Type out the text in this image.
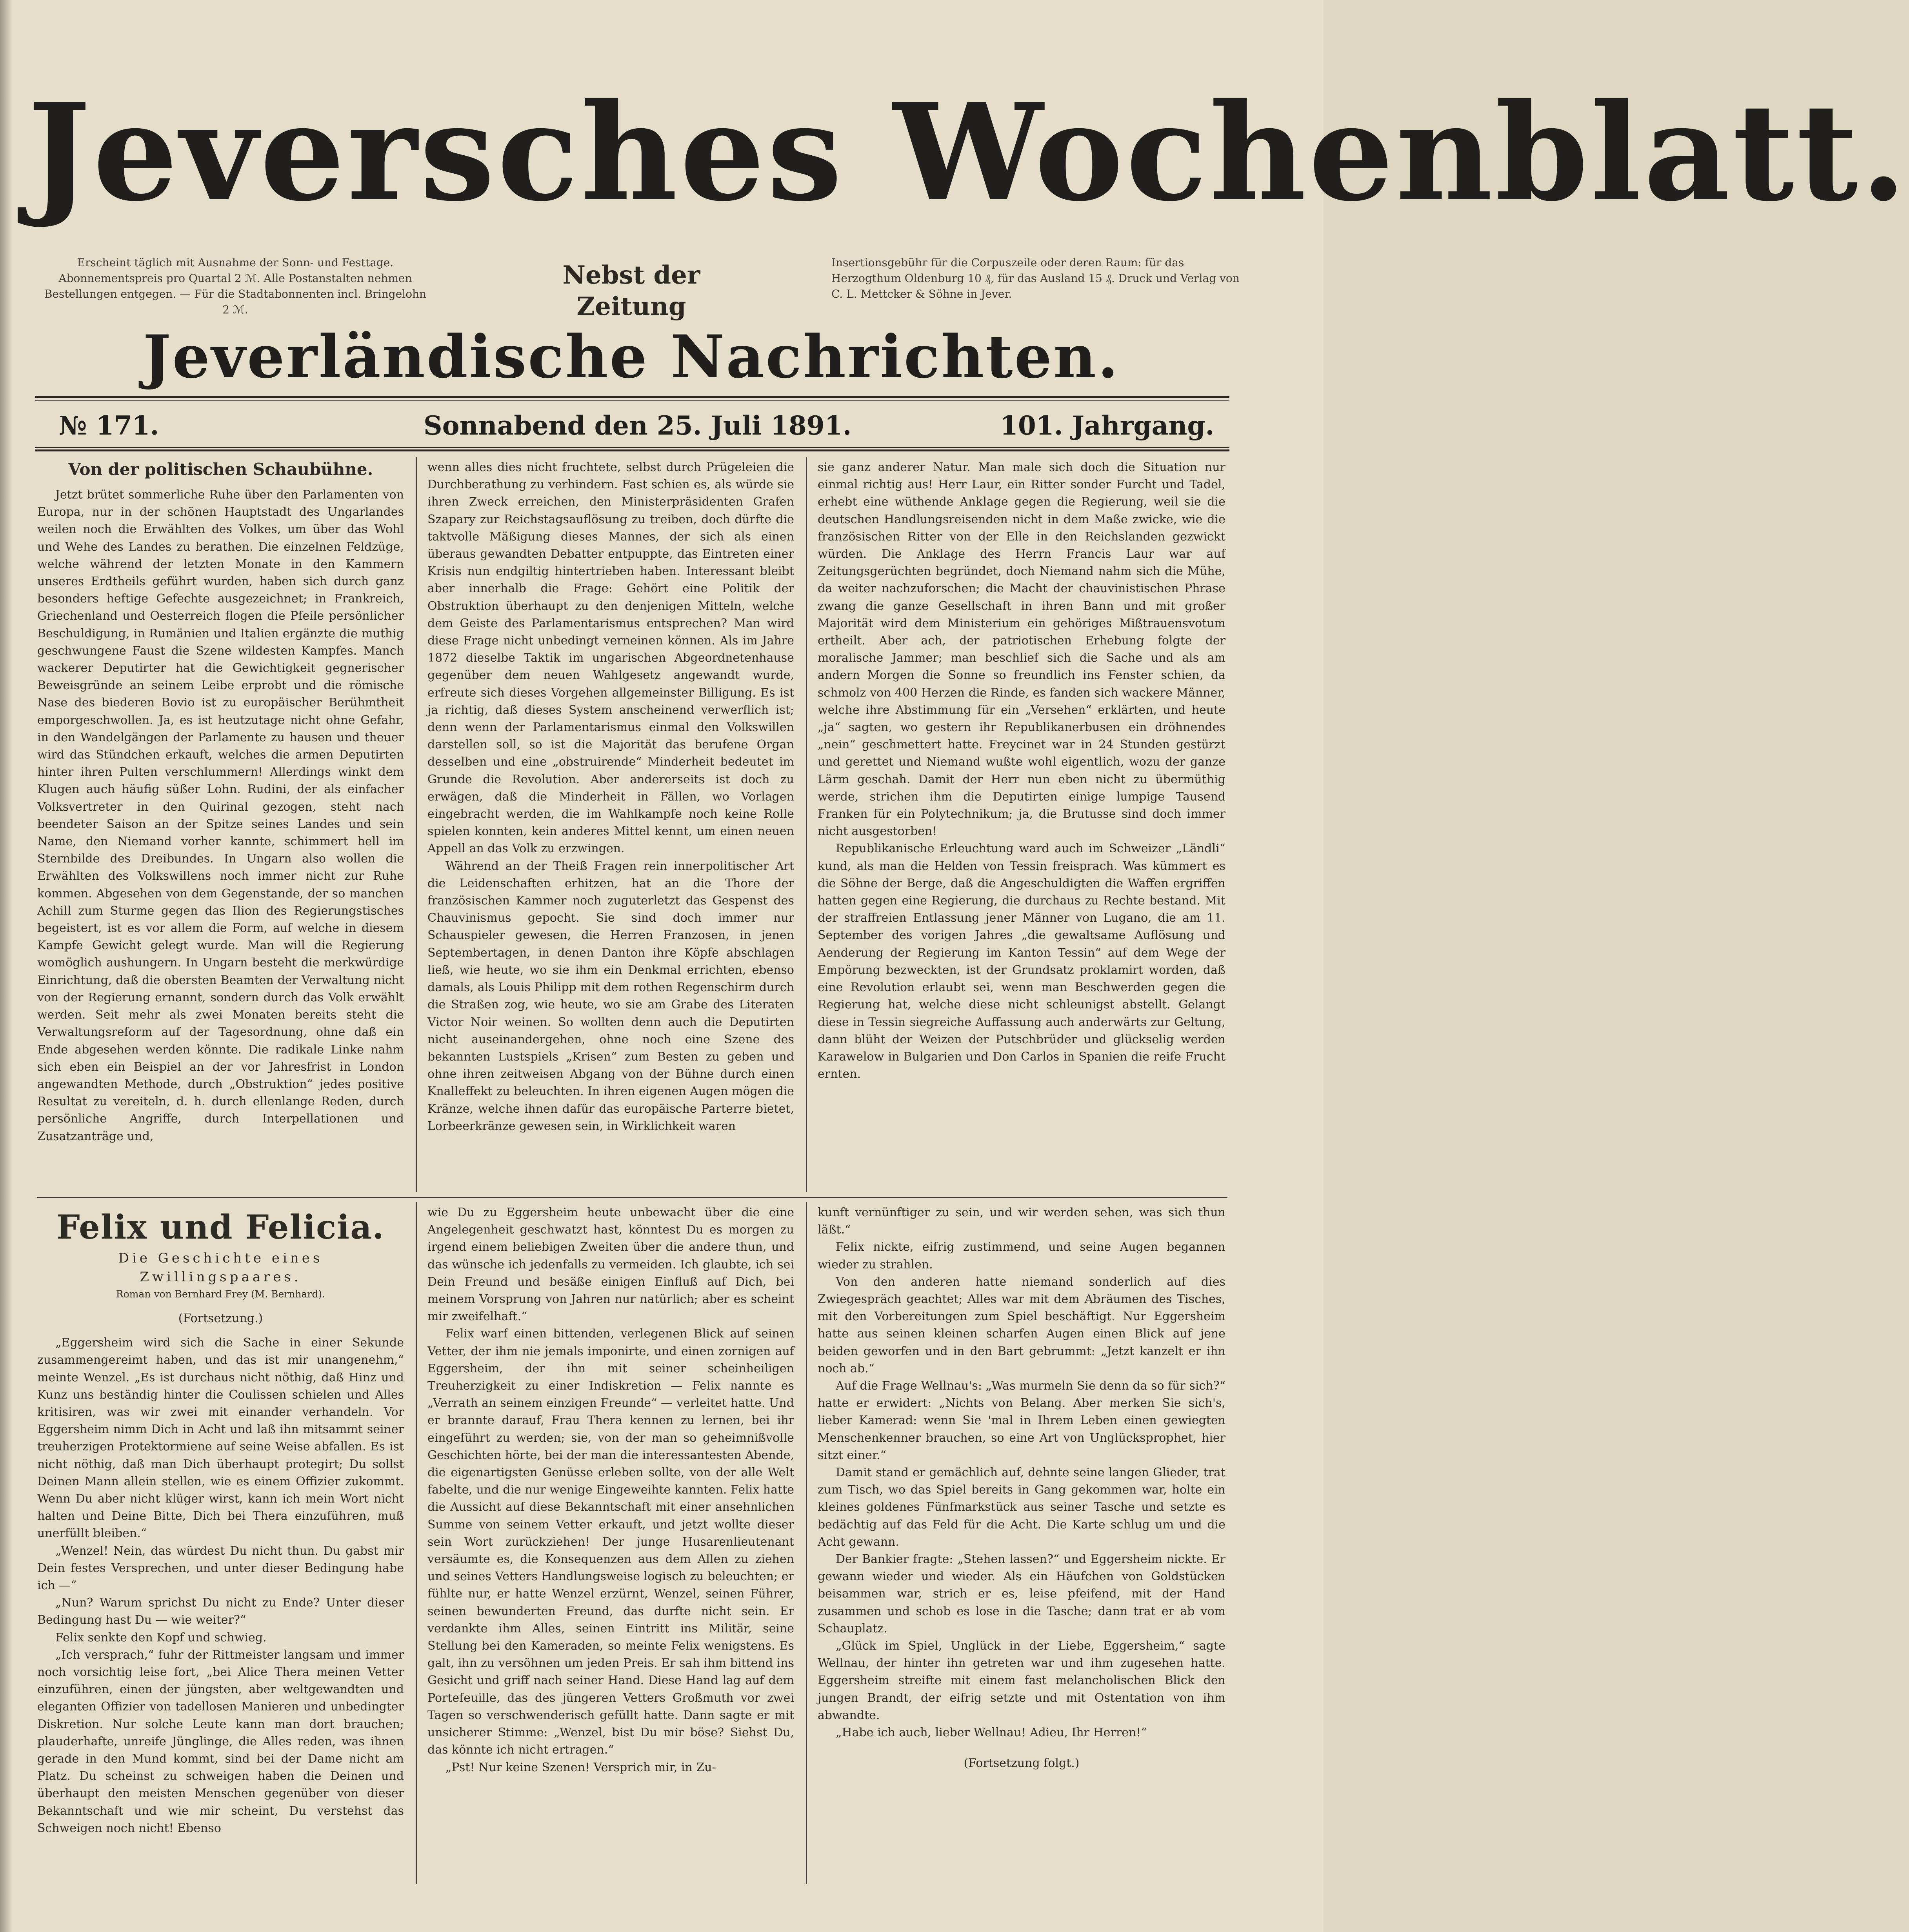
Jeversches Wochenblatt.
Erscheint täglich mit Ausnahme der Sonn- und Festtage. Abonnementspreis pro Quartal 2 ℳ. Alle Postanstalten nehmen Bestellungen entgegen. — Für die Stadtabonnenten incl. Bringelohn 2 ℳ.
Nebst der Zeitung
Insertionsgebühr für die Corpuszeile oder deren Raum: für das Herzogthum Oldenburg 10 ₰, für das Ausland 15 ₰. Druck und Verlag von C. L. Mettcker & Söhne in Jever.
Jeverländische Nachrichten.
№ 171.	Sonnabend den 25. Juli 1891.	101. Jahrgang.
Von der politischen Schaubühne.

Jetzt brütet sommerliche Ruhe über den Parlamenten von Europa, nur in der schönen Hauptstadt des Ungarlandes weilen noch die Erwählten des Volkes, um über das Wohl und Wehe des Landes zu berathen. Die einzelnen Feldzüge, welche während der letzten Monate in den Kammern unseres Erdtheils geführt wurden, haben sich durch ganz besonders heftige Gefechte ausgezeichnet; in Frankreich, Griechenland und Oesterreich flogen die Pfeile persönlicher Beschuldigung, in Rumänien und Italien ergänzte die muthig geschwungene Faust die Szene wildesten Kampfes. Manch wackerer Deputirter hat die Gewichtigkeit gegnerischer Beweisgründe an seinem Leibe erprobt und die römische Nase des biederen Bovio ist zu europäischer Berühmtheit emporgeschwollen. Ja, es ist heutzutage nicht ohne Gefahr, in den Wandelgängen der Parlamente zu hausen und theuer wird das Stündchen erkauft, welches die armen Deputirten hinter ihren Pulten verschlummern! Allerdings winkt dem Klugen auch häufig süßer Lohn. Rudini, der als einfacher Volksvertreter in den Quirinal gezogen, steht nach beendeter Saison an der Spitze seines Landes und sein Name, den Niemand vorher kannte, schimmert hell im Sternbilde des Dreibundes. In Ungarn also wollen die Erwählten des Volkswillens noch immer nicht zur Ruhe kommen. Abgesehen von dem Gegenstande, der so manchen Achill zum Sturme gegen das Ilion des Regierungstisches begeistert, ist es vor allem die Form, auf welche in diesem Kampfe Gewicht gelegt wurde. Man will die Regierung womöglich aushungern. In Ungarn besteht die merkwürdige Einrichtung, daß die obersten Beamten der Verwaltung nicht von der Regierung ernannt, sondern durch das Volk erwählt werden. Seit mehr als zwei Monaten bereits steht die Verwaltungsreform auf der Tagesordnung, ohne daß ein Ende abgesehen werden könnte. Die radikale Linke nahm sich eben ein Beispiel an der vor Jahresfrist in London angewandten Methode, durch „Obstruktion“ jedes positive Resultat zu vereiteln, d. h. durch ellenlange Reden, durch persönliche Angriffe, durch Interpellationen und Zusatzanträge und,

wenn alles dies nicht fruchtete, selbst durch Prügeleien die Durchberathung zu verhindern. Fast schien es, als würde sie ihren Zweck erreichen, den Ministerpräsidenten Grafen Szapary zur Reichstagsauflösung zu treiben, doch dürfte die taktvolle Mäßigung dieses Mannes, der sich als einen überaus gewandten Debatter entpuppte, das Eintreten einer Krisis nun endgiltig hintertrieben haben. Interessant bleibt aber innerhalb die Frage: Gehört eine Politik der Obstruktion überhaupt zu den denjenigen Mitteln, welche dem Geiste des Parlamentarismus entsprechen? Man wird diese Frage nicht unbedingt verneinen können. Als im Jahre 1872 dieselbe Taktik im ungarischen Abgeordnetenhause gegenüber dem neuen Wahlgesetz angewandt wurde, erfreute sich dieses Vorgehen allgemeinster Billigung. Es ist ja richtig, daß dieses System anscheinend verwerflich ist; denn wenn der Parlamentarismus einmal den Volkswillen darstellen soll, so ist die Majorität das berufene Organ desselben und eine „obstruirende“ Minderheit bedeutet im Grunde die Revolution. Aber andererseits ist doch zu erwägen, daß die Minderheit in Fällen, wo Vorlagen eingebracht werden, die im Wahlkampfe noch keine Rolle spielen konnten, kein anderes Mittel kennt, um einen neuen Appell an das Volk zu erzwingen.

Während an der Theiß Fragen rein innerpolitischer Art die Leidenschaften erhitzen, hat an die Thore der französischen Kammer noch zuguterletzt das Gespenst des Chauvinismus gepocht. Sie sind doch immer nur Schauspieler gewesen, die Herren Franzosen, in jenen Septembertagen, in denen Danton ihre Köpfe abschlagen ließ, wie heute, wo sie ihm ein Denkmal errichten, ebenso damals, als Louis Philipp mit dem rothen Regenschirm durch die Straßen zog, wie heute, wo sie am Grabe des Literaten Victor Noir weinen. So wollten denn auch die Deputirten nicht auseinandergehen, ohne noch eine Szene des bekannten Lustspiels „Krisen“ zum Besten zu geben und ohne ihren zeitweisen Abgang von der Bühne durch einen Knalleffekt zu beleuchten. In ihren eigenen Augen mögen die Kränze, welche ihnen dafür das europäische Parterre bietet, Lorbeerkränze gewesen sein, in Wirklichkeit waren

sie ganz anderer Natur. Man male sich doch die Situation nur einmal richtig aus! Herr Laur, ein Ritter sonder Furcht und Tadel, erhebt eine wüthende Anklage gegen die Regierung, weil sie die deutschen Handlungsreisenden nicht in dem Maße zwicke, wie die französischen Ritter von der Elle in den Reichslanden gezwickt würden. Die Anklage des Herrn Francis Laur war auf Zeitungsgerüchten begründet, doch Niemand nahm sich die Mühe, da weiter nachzuforschen; die Macht der chauvinistischen Phrase zwang die ganze Gesellschaft in ihren Bann und mit großer Majorität wird dem Ministerium ein gehöriges Mißtrauensvotum ertheilt. Aber ach, der patriotischen Erhebung folgte der moralische Jammer; man beschlief sich die Sache und als am andern Morgen die Sonne so freundlich ins Fenster schien, da schmolz von 400 Herzen die Rinde, es fanden sich wackere Männer, welche ihre Abstimmung für ein „Versehen“ erklärten, und heute „ja“ sagten, wo gestern ihr Republikanerbusen ein dröhnendes „nein“ geschmettert hatte. Freycinet war in 24 Stunden gestürzt und gerettet und Niemand wußte wohl eigentlich, wozu der ganze Lärm geschah. Damit der Herr nun eben nicht zu übermüthig werde, strichen ihm die Deputirten einige lumpige Tausend Franken für ein Polytechnikum; ja, die Brutusse sind doch immer nicht ausgestorben!

Republikanische Erleuchtung ward auch im Schweizer „Ländli“ kund, als man die Helden von Tessin freisprach. Was kümmert es die Söhne der Berge, daß die Angeschuldigten die Waffen ergriffen hatten gegen eine Regierung, die durchaus zu Rechte bestand. Mit der straffreien Entlassung jener Männer von Lugano, die am 11. September des vorigen Jahres „die gewaltsame Auflösung und Aenderung der Regierung im Kanton Tessin“ auf dem Wege der Empörung bezweckten, ist der Grundsatz proklamirt worden, daß eine Revolution erlaubt sei, wenn man Beschwerden gegen die Regierung hat, welche diese nicht schleunigst abstellt. Gelangt diese in Tessin siegreiche Auffassung auch anderwärts zur Geltung, dann blüht der Weizen der Putschbrüder und glückselig werden Karawelow in Bulgarien und Don Carlos in Spanien die reife Frucht ernten.

Felix und Felicia.
Die Geschichte eines Zwillingspaares.
Roman von Bernhard Frey (M. Bernhard).
(Fortsetzung.)

„Eggersheim wird sich die Sache in einer Sekunde zusammengereimt haben, und das ist mir unangenehm,“ meinte Wenzel. „Es ist durchaus nicht nöthig, daß Hinz und Kunz uns beständig hinter die Coulissen schielen und Alles kritisiren, was wir zwei mit einander verhandeln. Vor Eggersheim nimm Dich in Acht und laß ihn mitsammt seiner treuherzigen Protektormiene auf seine Weise abfallen. Es ist nicht nöthig, daß man Dich überhaupt protegirt; Du sollst Deinen Mann allein stellen, wie es einem Offizier zukommt. Wenn Du aber nicht klüger wirst, kann ich mein Wort nicht halten und Deine Bitte, Dich bei Thera einzuführen, muß unerfüllt bleiben.“

„Wenzel! Nein, das würdest Du nicht thun. Du gabst mir Dein festes Versprechen, und unter dieser Bedingung habe ich —“

„Nun? Warum sprichst Du nicht zu Ende? Unter dieser Bedingung hast Du — wie weiter?“

Felix senkte den Kopf und schwieg.

„Ich versprach,“ fuhr der Rittmeister langsam und immer noch vorsichtig leise fort, „bei Alice Thera meinen Vetter einzuführen, einen der jüngsten, aber weltgewandten und eleganten Offizier von tadellosen Manieren und unbedingter Diskretion. Nur solche Leute kann man dort brauchen; plauderhafte, unreife Jünglinge, die Alles reden, was ihnen gerade in den Mund kommt, sind bei der Dame nicht am Platz. Du scheinst zu schweigen haben die Deinen und überhaupt den meisten Menschen gegenüber von dieser Bekanntschaft und wie mir scheint, Du verstehst das Schweigen noch nicht! Ebenso

wie Du zu Eggersheim heute unbewacht über die eine Angelegenheit geschwatzt hast, könntest Du es morgen zu irgend einem beliebigen Zweiten über die andere thun, und das wünsche ich jedenfalls zu vermeiden. Ich glaubte, ich sei Dein Freund und besäße einigen Einfluß auf Dich, bei meinem Vorsprung von Jahren nur natürlich; aber es scheint mir zweifelhaft.“

Felix warf einen bittenden, verlegenen Blick auf seinen Vetter, der ihm nie jemals imponirte, und einen zornigen auf Eggersheim, der ihn mit seiner scheinheiligen Treuherzigkeit zu einer Indiskretion — Felix nannte es „Verrath an seinem einzigen Freunde“ — verleitet hatte. Und er brannte darauf, Frau Thera kennen zu lernen, bei ihr eingeführt zu werden; sie, von der man so geheimnißvolle Geschichten hörte, bei der man die interessantesten Abende, die eigenartigsten Genüsse erleben sollte, von der alle Welt fabelte, und die nur wenige Eingeweihte kannten. Felix hatte die Aussicht auf diese Bekanntschaft mit einer ansehnlichen Summe von seinem Vetter erkauft, und jetzt wollte dieser sein Wort zurückziehen! Der junge Husarenlieutenant versäumte es, die Konsequenzen aus dem Allen zu ziehen und seines Vetters Handlungsweise logisch zu beleuchten; er fühlte nur, er hatte Wenzel erzürnt, Wenzel, seinen Führer, seinen bewunderten Freund, das durfte nicht sein. Er verdankte ihm Alles, seinen Eintritt ins Militär, seine Stellung bei den Kameraden, so meinte Felix wenigstens. Es galt, ihn zu versöhnen um jeden Preis. Er sah ihm bittend ins Gesicht und griff nach seiner Hand. Diese Hand lag auf dem Portefeuille, das des jüngeren Vetters Großmuth vor zwei Tagen so verschwenderisch gefüllt hatte. Dann sagte er mit unsicherer Stimme: „Wenzel, bist Du mir böse? Siehst Du, das könnte ich nicht ertragen.“

„Pst! Nur keine Szenen! Versprich mir, in Zu-

kunft vernünftiger zu sein, und wir werden sehen, was sich thun läßt.“

Felix nickte, eifrig zustimmend, und seine Augen begannen wieder zu strahlen.

Von den anderen hatte niemand sonderlich auf dies Zwiegespräch geachtet; Alles war mit dem Abräumen des Tisches, mit den Vorbereitungen zum Spiel beschäftigt. Nur Eggersheim hatte aus seinen kleinen scharfen Augen einen Blick auf jene beiden geworfen und in den Bart gebrummt: „Jetzt kanzelt er ihn noch ab.“

Auf die Frage Wellnau's: „Was murmeln Sie denn da so für sich?“ hatte er erwidert: „Nichts von Belang. Aber merken Sie sich's, lieber Kamerad: wenn Sie 'mal in Ihrem Leben einen gewiegten Menschenkenner brauchen, so eine Art von Unglücksprophet, hier sitzt einer.“

Damit stand er gemächlich auf, dehnte seine langen Glieder, trat zum Tisch, wo das Spiel bereits in Gang gekommen war, holte ein kleines goldenes Fünfmarkstück aus seiner Tasche und setzte es bedächtig auf das Feld für die Acht. Die Karte schlug um und die Acht gewann.

Der Bankier fragte: „Stehen lassen?“ und Eggersheim nickte. Er gewann wieder und wieder. Als ein Häufchen von Goldstücken beisammen war, strich er es, leise pfeifend, mit der Hand zusammen und schob es lose in die Tasche; dann trat er ab vom Schauplatz.

„Glück im Spiel, Unglück in der Liebe, Eggersheim,“ sagte Wellnau, der hinter ihn getreten war und ihm zugesehen hatte. Eggersheim streifte mit einem fast melancholischen Blick den jungen Brandt, der eifrig setzte und mit Ostentation von ihm abwandte.

„Habe ich auch, lieber Wellnau! Adieu, Ihr Herren!“

(Fortsetzung folgt.)
